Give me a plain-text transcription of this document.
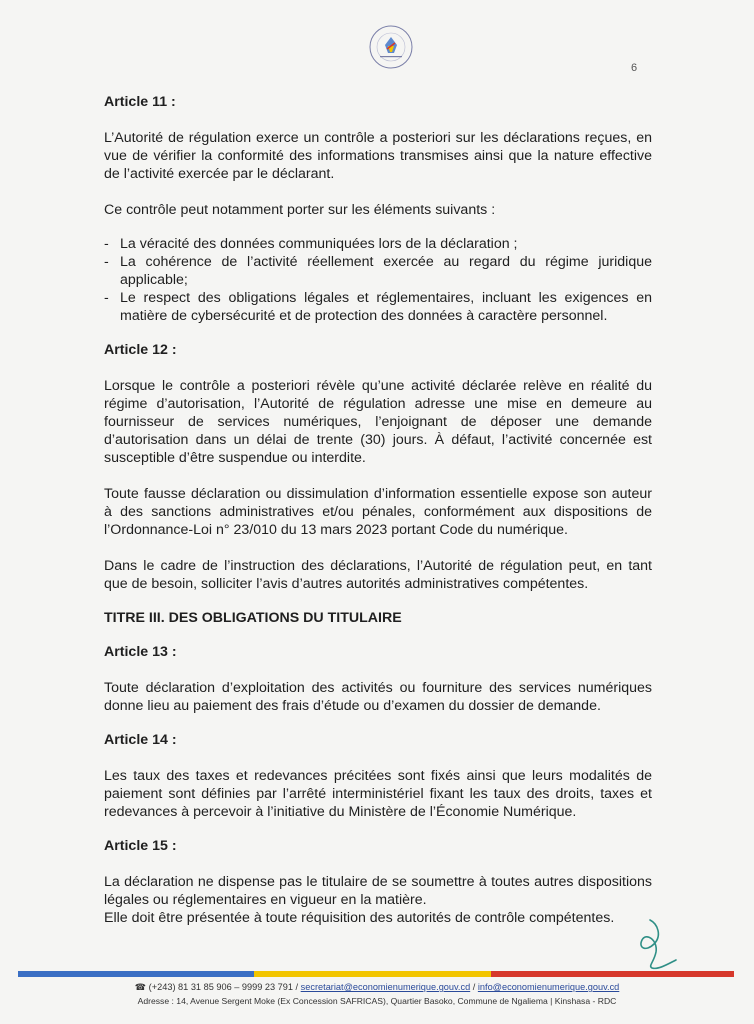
6

Article 11 :

L’Autorité de régulation exerce un contrôle a posteriori sur les déclarations reçues, en vue de vérifier la conformité des informations transmises ainsi que la nature effective de l’activité exercée par le déclarant.

Ce contrôle peut notamment porter sur les éléments suivants :

- La véracité des données communiquées lors de la déclaration ;
- La cohérence de l’activité réellement exercée au regard du régime juridique applicable;
- Le respect des obligations légales et réglementaires, incluant les exigences en matière de cybersécurité et de protection des données à caractère personnel.

Article 12 :

Lorsque le contrôle a posteriori révèle qu’une activité déclarée relève en réalité du régime d’autorisation, l’Autorité de régulation adresse une mise en demeure au fournisseur de services numériques, l’enjoignant de déposer une demande d’autorisation dans un délai de trente (30) jours. À défaut, l’activité concernée est susceptible d’être suspendue ou interdite.

Toute fausse déclaration ou dissimulation d’information essentielle expose son auteur à des sanctions administratives et/ou pénales, conformément aux dispositions de l’Ordonnance-Loi n° 23/010 du 13 mars 2023 portant Code du numérique.

Dans le cadre de l’instruction des déclarations, l’Autorité de régulation peut, en tant que de besoin, solliciter l’avis d’autres autorités administratives compétentes.

TITRE III. DES OBLIGATIONS DU TITULAIRE

Article 13 :

Toute déclaration d’exploitation des activités ou fourniture des services numériques donne lieu au paiement des frais d’étude ou d’examen du dossier de demande.

Article 14 :

Les taux des taxes et redevances précitées sont fixés ainsi que leurs modalités de paiement sont définies par l’arrêté interministériel fixant les taux des droits, taxes et redevances à percevoir à l’initiative du Ministère de l’Économie Numérique.

Article 15 :

La déclaration ne dispense pas le titulaire de se soumettre à toutes autres dispositions légales ou réglementaires en vigueur en la matière.

Elle doit être présentée à toute réquisition des autorités de contrôle compétentes.

☎ (+243) 81 31 85 906 – 9999 23 791 / secretariat@economienumerique.gouv.cd / info@economienumerique.gouv.cd
Adresse : 14, Avenue Sergent Moke (Ex Concession SAFRICAS), Quartier Basoko, Commune de Ngaliema | Kinshasa - RDC
